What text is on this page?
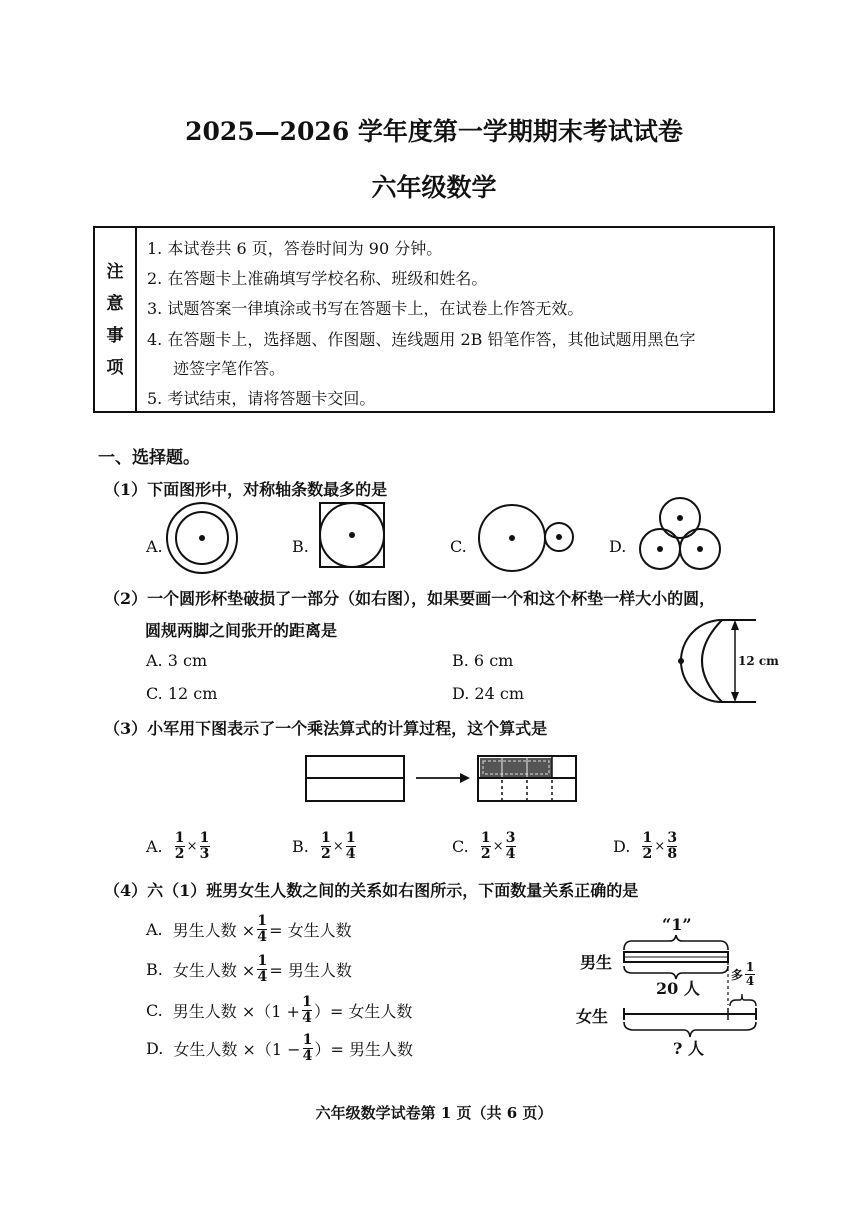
2025—2026 学年度第一学期期末考试试卷
六年级数学
注
意
事
项
1. 本试卷共 6 页，答卷时间为 90 分钟。
2. 在答题卡上准确填写学校名称、班级和姓名。
3. 试题答案一律填涂或书写在答题卡上，在试卷上作答无效。
4. 在答题卡上，选择题、作图题、连线题用 2B 铅笔作答，其他试题用黑色字
迹签字笔作答。
5. 考试结束，请将答题卡交回。
一、选择题。
（1）下面图形中，对称轴条数最多的是
A.	B.	C.	D.
（2）一个圆形杯垫破损了一部分（如右图），如果要画一个和这个杯垫一样大小的圆，
圆规两脚之间张开的距离是
A. 3 cm	B. 6 cm
C. 12 cm	D. 24 cm
12 cm
（3）小军用下图表示了一个乘法算式的计算过程，这个算式是
A. $\frac{1}{2} \times \frac{1}{3}$	B. $\frac{1}{2} \times \frac{1}{4}$	C. $\frac{1}{2} \times \frac{3}{4}$	D. $\frac{1}{2} \times \frac{3}{8}$
（4）六（1）班男女生人数之间的关系如右图所示，下面数量关系正确的是
A. 男生人数 × $\frac{1}{4}$ = 女生人数
B. 女生人数 × $\frac{1}{4}$ = 男生人数
C. 男生人数 $\times(1 + \frac{1}{4}$ ）= 女生人数
D. 女生人数 $\times(1 - \frac{1}{4}$ ）= 男生人数
“1”
男生
20 人
女生
? 人
多 $\frac{1}{4}$
六年级数学试卷第 1 页（共 6 页）
